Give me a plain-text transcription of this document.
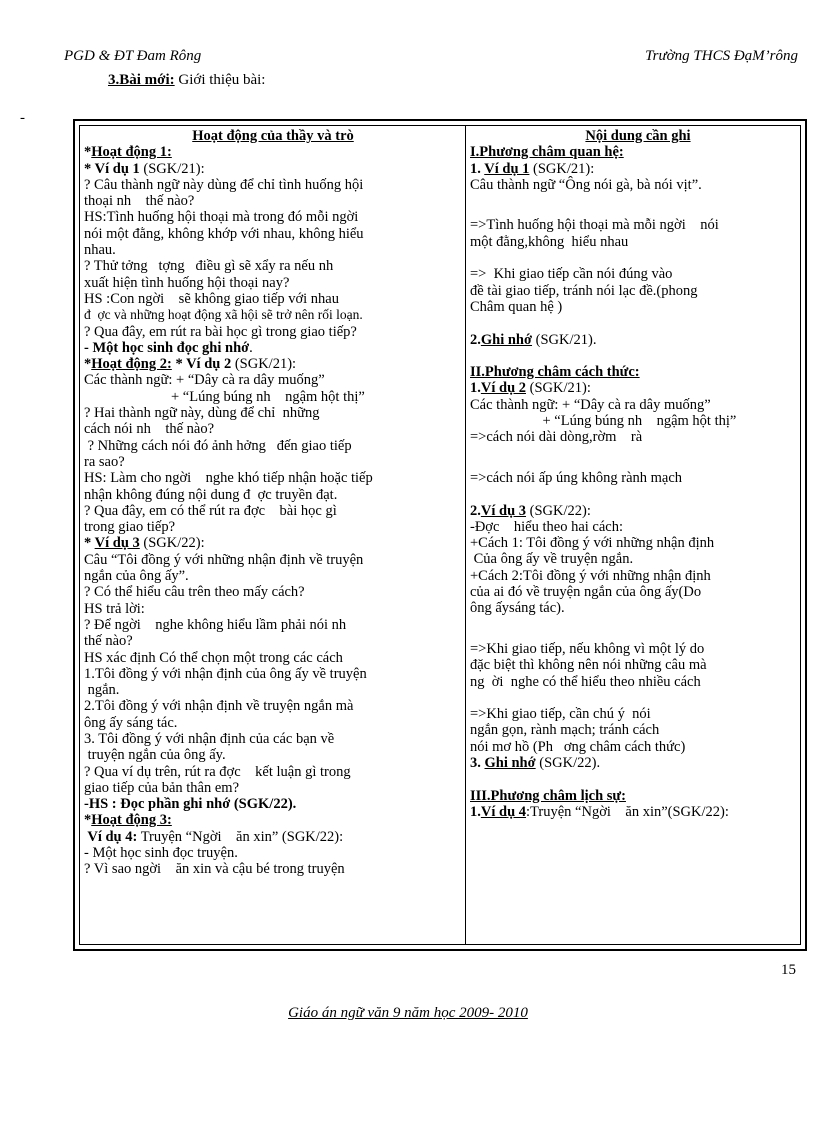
PGD & ĐT Đam Rông	Trường THCS ĐạM’rông
3.Bài mới: Giới thiệu bài:
-
Hoạt động của thầy và trò
*Hoạt động 1:
* Ví dụ 1 (SGK/21):
? Câu thành ngữ này dùng để chỉ tình huống hội
thoại nh    thế nào?
HS:Tình huống hội thoại mà trong đó mỗi ngời
nói một đằng, không khớp với nhau, không hiểu
nhau.
? Thử tởng   tợng   điều gì sẽ xẩy ra nếu nh
xuất hiện tình huống hội thoại nay?
HS :Con ngời    sẽ không giao tiếp với nhau
đ  ợc và những hoạt động xã hội sẽ trở nên rối loạn.
? Qua đây, em rút ra bài học gì trong giao tiếp?
- Một học sinh đọc ghi nhớ.
*Hoạt động 2: * Ví dụ 2 (SGK/21):
Các thành ngữ: + “Dây cà ra dây muống”
+ “Lúng búng nh    ngậm hột thị”
? Hai thành ngữ này, dùng để chỉ  những
cách nói nh    thế nào?
? Những cách nói đó ảnh hởng   đến giao tiếp
ra sao?
HS: Làm cho ngời    nghe khó tiếp nhận hoặc tiếp
nhận không đúng nội dung đ  ợc truyền đạt.
? Qua đây, em có thể rút ra đợc    bài học gì
trong giao tiếp?
* Ví dụ 3 (SGK/22):
Câu “Tôi đồng ý với những nhận định về truyện
ngắn của ông ấy”.
? Có thể hiểu câu trên theo mấy cách?
HS trả lời:
? Để ngời    nghe không hiểu lầm phải nói nh
thế nào?
HS xác định Có thể chọn một trong các cách
1.Tôi đồng ý với nhận định của ông ấy về truyện
ngắn.
2.Tôi đồng ý với nhận định về truyện ngắn mà
ông ấy sáng tác.
3. Tôi đồng ý với nhận định của các bạn về
truyện ngắn của ông ấy.
? Qua ví dụ trên, rút ra đợc    kết luận gì trong
giao tiếp của bản thân em?
-HS : Đọc phần ghi nhớ (SGK/22).
*Hoạt động 3:
Ví dụ 4: Truyện “Ngời    ăn xin” (SGK/22):
- Một học sinh đọc truyện.
? Vì sao ngời    ăn xin và cậu bé trong truyện
Nội dung cần ghi
I.Phương châm quan hệ:
1. Ví dụ 1 (SGK/21):
Câu thành ngữ “Ông nói gà, bà nói vịt”.
=>Tình huống hội thoại mà mỗi ngời    nói
một đằng,không  hiểu nhau
=>  Khi giao tiếp cần nói đúng vào
đề tài giao tiếp, tránh nói lạc đề.(phong
Châm quan hệ )
2.Ghi nhớ (SGK/21).
II.Phương châm cách thức:
1.Ví dụ 2 (SGK/21):
Các thành ngữ: + “Dây cà ra dây muống”
+ “Lúng búng nh    ngậm hột thị”
=>cách nói dài dòng,rờm    rà
=>cách nói ấp úng không rành mạch
2.Ví dụ 3 (SGK/22):
-Đợc    hiểu theo hai cách:
+Cách 1: Tôi đồng ý với những nhận định
Của ông ấy về truyện ngắn.
+Cách 2:Tôi đồng ý với những nhận định
của ai đó về truyện ngắn của ông ấy(Do
ông ấysáng tác).
=>Khi giao tiếp, nếu không vì một lý do
đặc biệt thì không nên nói những câu mà
ng  ời  nghe có thể hiểu theo nhiều cách
=>Khi giao tiếp, cần chú ý  nói
ngắn gọn, rành mạch; tránh cách
nói mơ hồ (Ph   ơng châm cách thức)
3. Ghi nhớ (SGK/22).
III.Phương châm lịch sự:
1.Ví dụ 4:Truyện “Ngời    ăn xin”(SGK/22):
15
Giáo án ngữ văn 9 năm học 2009- 2010
